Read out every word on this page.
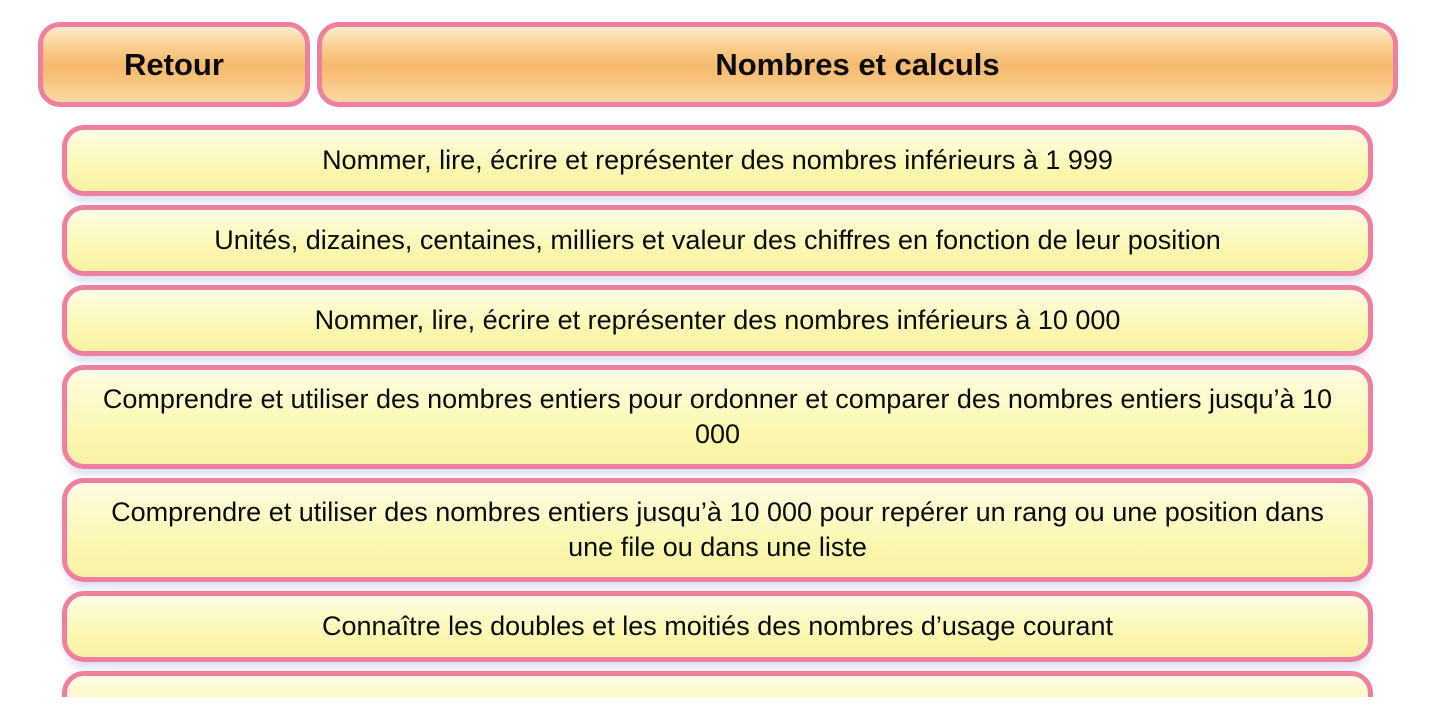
Retour	Nombres et calculs
Nommer, lire, écrire et représenter des nombres inférieurs à 1 999
Unités, dizaines, centaines, milliers et valeur des chiffres en fonction de leur position
Nommer, lire, écrire et représenter des nombres inférieurs à 10 000
Comprendre et utiliser des nombres entiers pour ordonner et comparer des nombres entiers jusqu’à 10 000
Comprendre et utiliser des nombres entiers jusqu’à 10 000 pour repérer un rang ou une position dans une file ou dans une liste
Connaître les doubles et les moitiés des nombres d’usage courant
